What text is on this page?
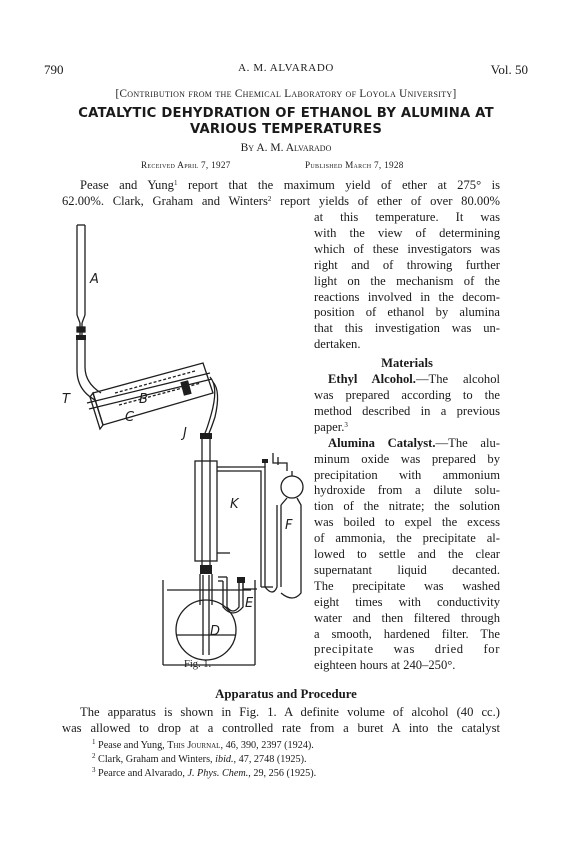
790	A. M. ALVARADO	Vol. 50
[Contribution from the Chemical Laboratory of Loyola University]
CATALYTIC DEHYDRATION OF ETHANOL BY ALUMINA AT
VARIOUS TEMPERATURES
By A. M. Alvarado
Received April 7, 1927	Published March 7, 1928
Pease and Yung$^1$ report that the maximum yield of ether at 275° is
62.00%. Clark, Graham and Winters$^2$ report yields of ether of over 80.00%
at this temperature. It was
with the view of determining
which of these investigators was
right and of throwing further
light on the mechanism of the
reactions involved in the decom-
position of ethanol by alumina
that this investigation was un-
dertaken.
Materials
Ethyl Alcohol.—The alcohol
was prepared according to the
method described in a previous
paper.$^3$
Alumina Catalyst.—The alu-
minum oxide was prepared by
precipitation with ammonium
hydroxide from a dilute solu-
tion of the nitrate; the solution
was boiled to expel the excess
of ammonia, the precipitate al-
lowed to settle and the clear
supernatant liquid decanted.
The precipitate was washed
eight times with conductivity
water and then filtered through
a smooth, hardened filter. The
precipitate was dried for
eighteen hours at 240–250°.
A
T	B
C
J
K
F
E
D
Fig. 1.
Apparatus and Procedure
The apparatus is shown in Fig. 1. A definite volume of alcohol (40 cc.)
was allowed to drop at a controlled rate from a buret A into the catalyst
$^1$ Pease and Yung, This Journal, 46, 390, 2397 (1924).
$^2$ Clark, Graham and Winters, ibid., 47, 2748 (1925).
$^3$ Pearce and Alvarado, J. Phys. Chem., 29, 256 (1925).
